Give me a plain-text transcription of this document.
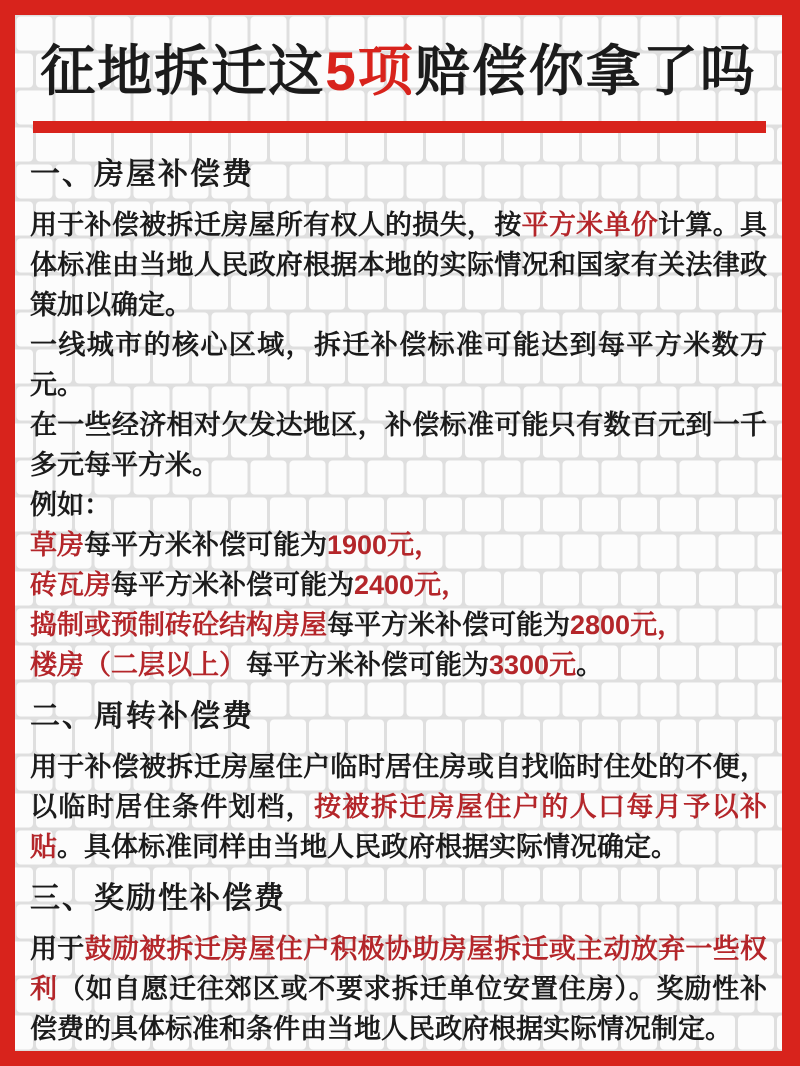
征地拆迁这5项赔偿你拿了吗
一、房屋补偿费

用于补偿被拆迁房屋所有权人的损失，按平方米单价计算。具体标准由当地人民政府根据本地的实际情况和国家有关法律政策加以确定。

一线城市的核心区域，拆迁补偿标准可能达到每平方米数万元。

在一些经济相对欠发达地区，补偿标准可能只有数百元到一千多元每平方米。

例如：

草房每平方米补偿可能为1900元，

砖瓦房每平方米补偿可能为2400元，

捣制或预制砖砼结构房屋每平方米补偿可能为2800元，

楼房（二层以上）每平方米补偿可能为3300元。

二、周转补偿费

用于补偿被拆迁房屋住户临时居住房或自找临时住处的不便，以临时居住条件划档，按被拆迁房屋住户的人口每月予以补贴。具体标准同样由当地人民政府根据实际情况确定。

三、奖励性补偿费

用于鼓励被拆迁房屋住户积极协助房屋拆迁或主动放弃一些权利（如自愿迁往郊区或不要求拆迁单位安置住房）。奖励性补偿费的具体标准和条件由当地人民政府根据实际情况制定。
